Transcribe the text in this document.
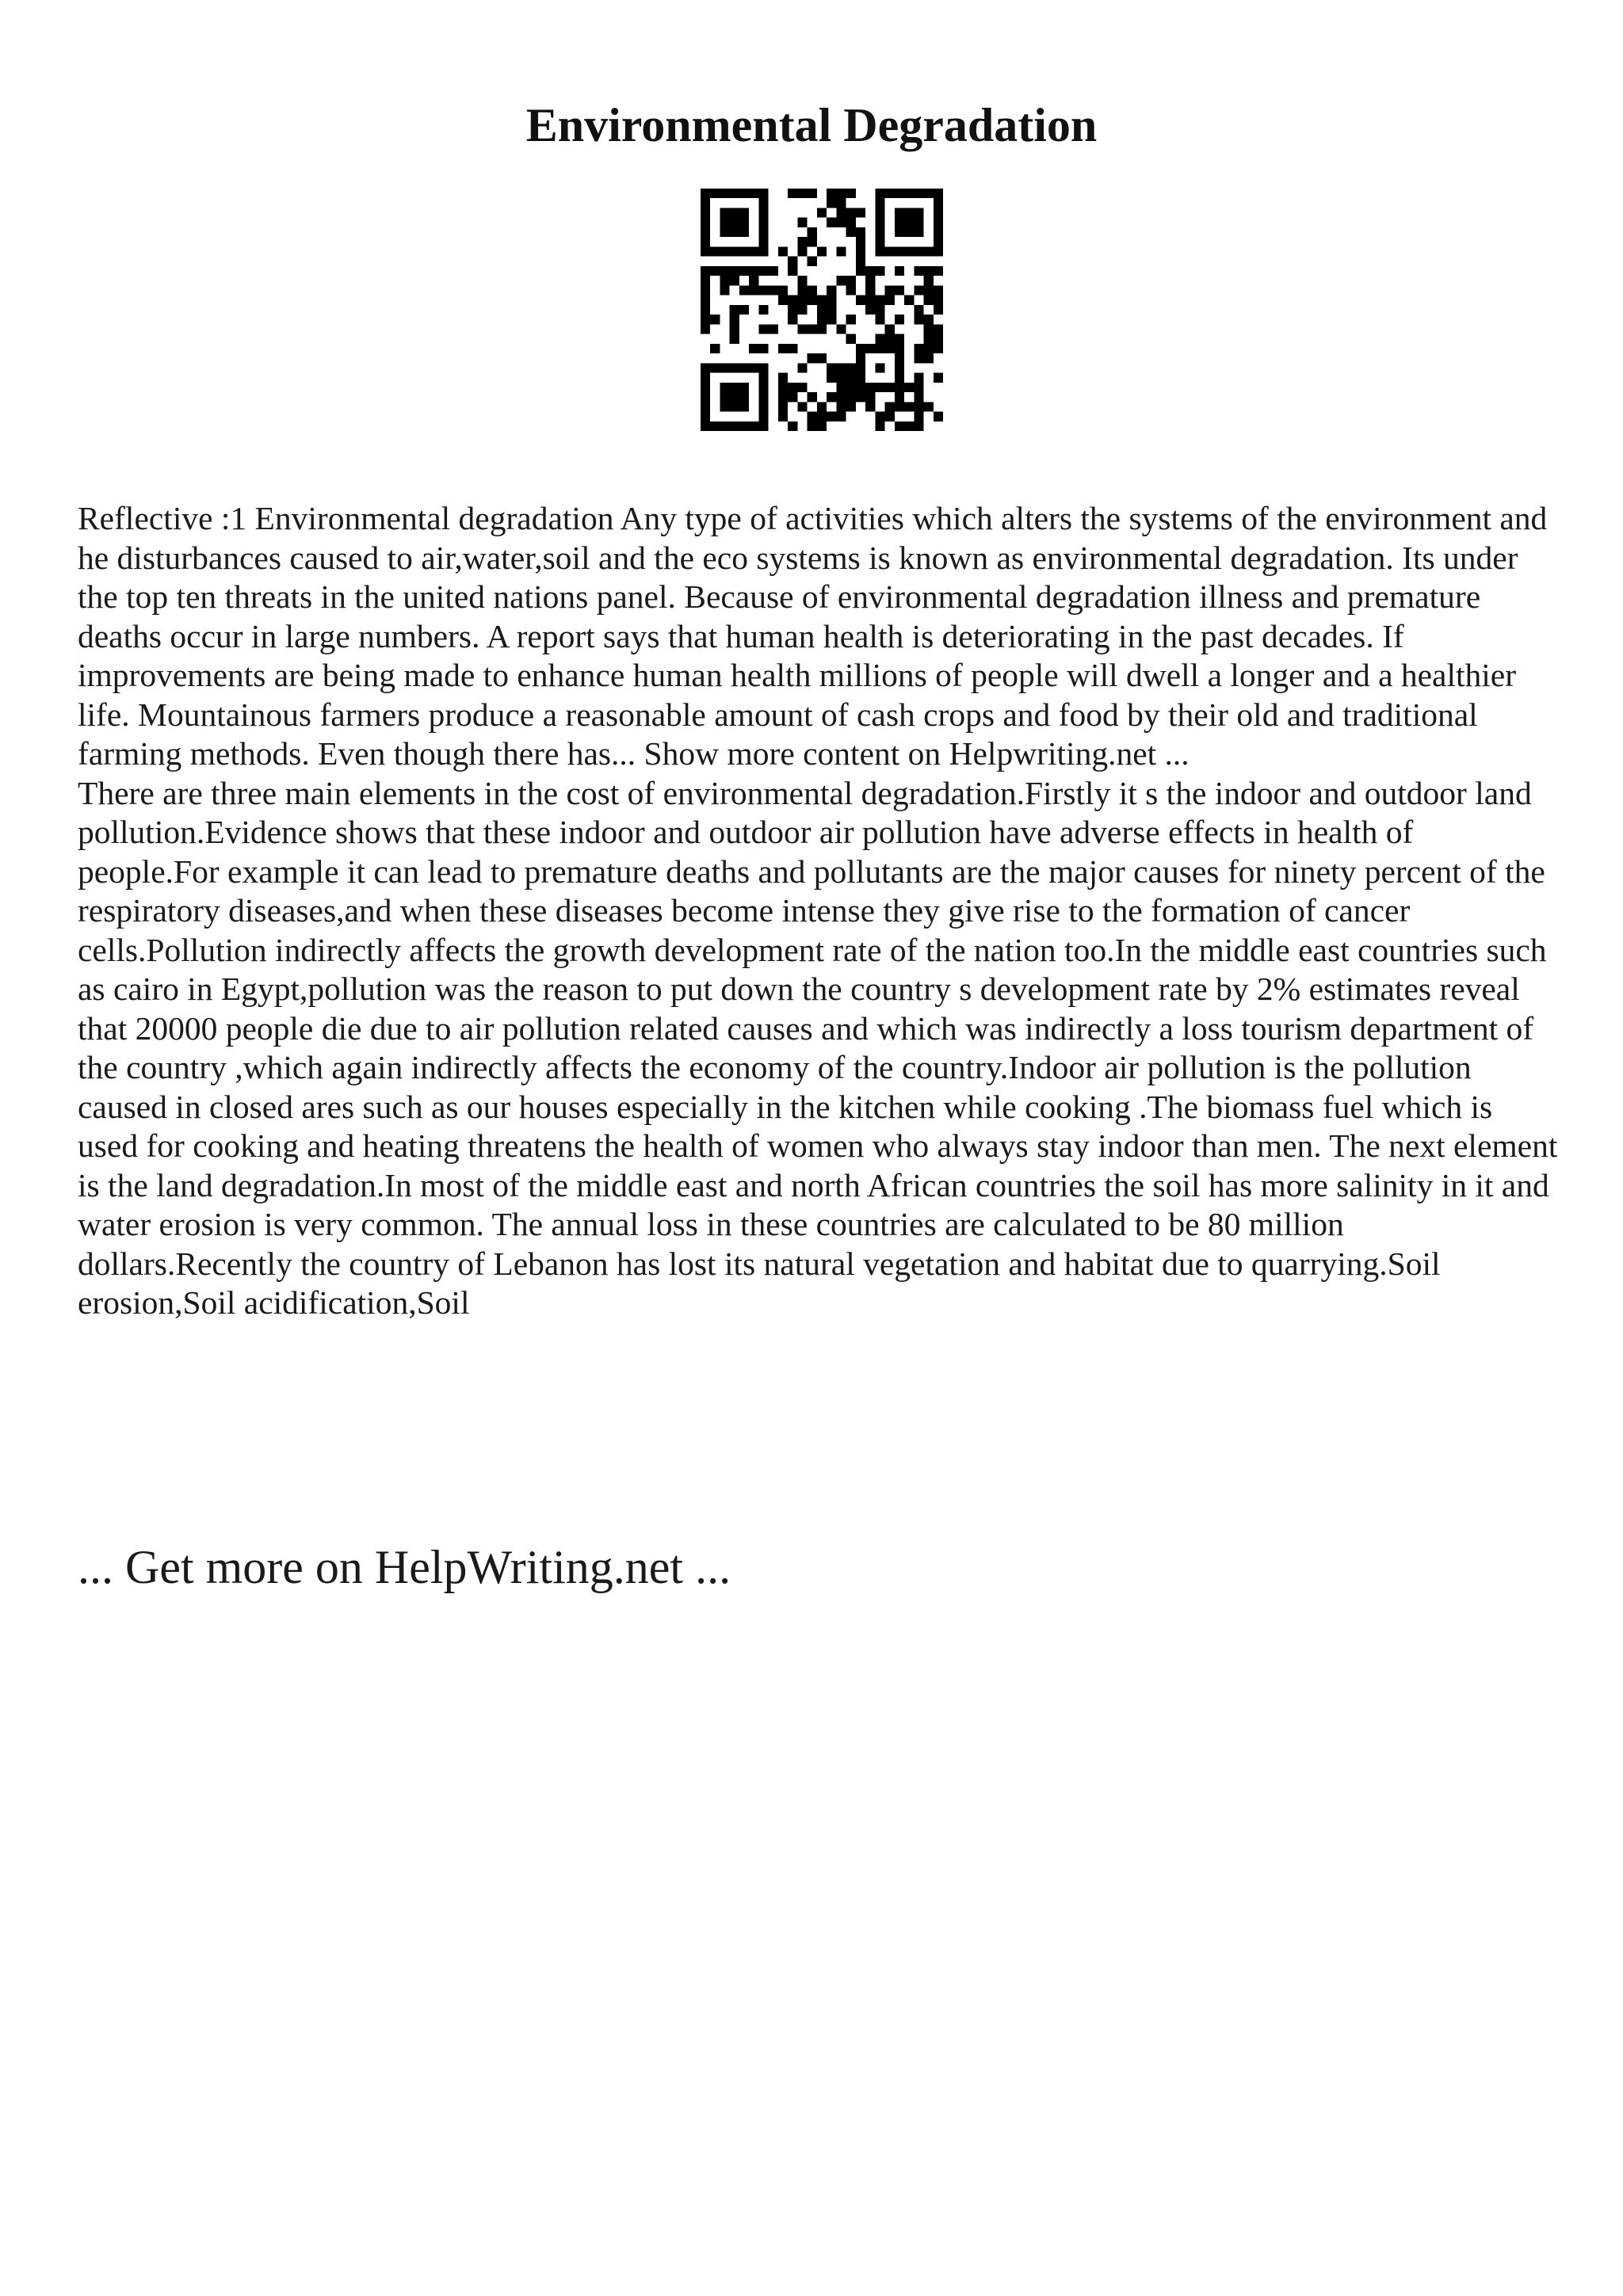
Environmental Degradation

Reflective :1 Environmental degradation Any type of activities which alters the systems of the environment and he disturbances caused to air,water,soil and the eco systems is known as environmental degradation. Its under the top ten threats in the united nations panel. Because of environmental degradation illness and premature deaths occur in large numbers. A report says that human health is deteriorating in the past decades. If improvements are being made to enhance human health millions of people will dwell a longer and a healthier life. Mountainous farmers produce a reasonable amount of cash crops and food by their old and traditional farming methods. Even though there has... Show more content on Helpwriting.net ...

There are three main elements in the cost of environmental degradation.Firstly it s the indoor and outdoor land pollution.Evidence shows that these indoor and outdoor air pollution have adverse effects in health of people.For example it can lead to premature deaths and pollutants are the major causes for ninety percent of the respiratory diseases,and when these diseases become intense they give rise to the formation of cancer cells.Pollution indirectly affects the growth development rate of the nation too.In the middle east countries such as cairo in Egypt,pollution was the reason to put down the country s development rate by 2% estimates reveal that 20000 people die due to air pollution related causes and which was indirectly a loss tourism department of the country ,which again indirectly affects the economy of the country.Indoor air pollution is the pollution caused in closed ares such as our houses especially in the kitchen while cooking .The biomass fuel which is used for cooking and heating threatens the health of women who always stay indoor than men. The next element is the land degradation.In most of the middle east and north African countries the soil has more salinity in it and water erosion is very common. The annual loss in these countries are calculated to be 80 million dollars.Recently the country of Lebanon has lost its natural vegetation and habitat due to quarrying.Soil erosion,Soil acidification,Soil

... Get more on HelpWriting.net ...
